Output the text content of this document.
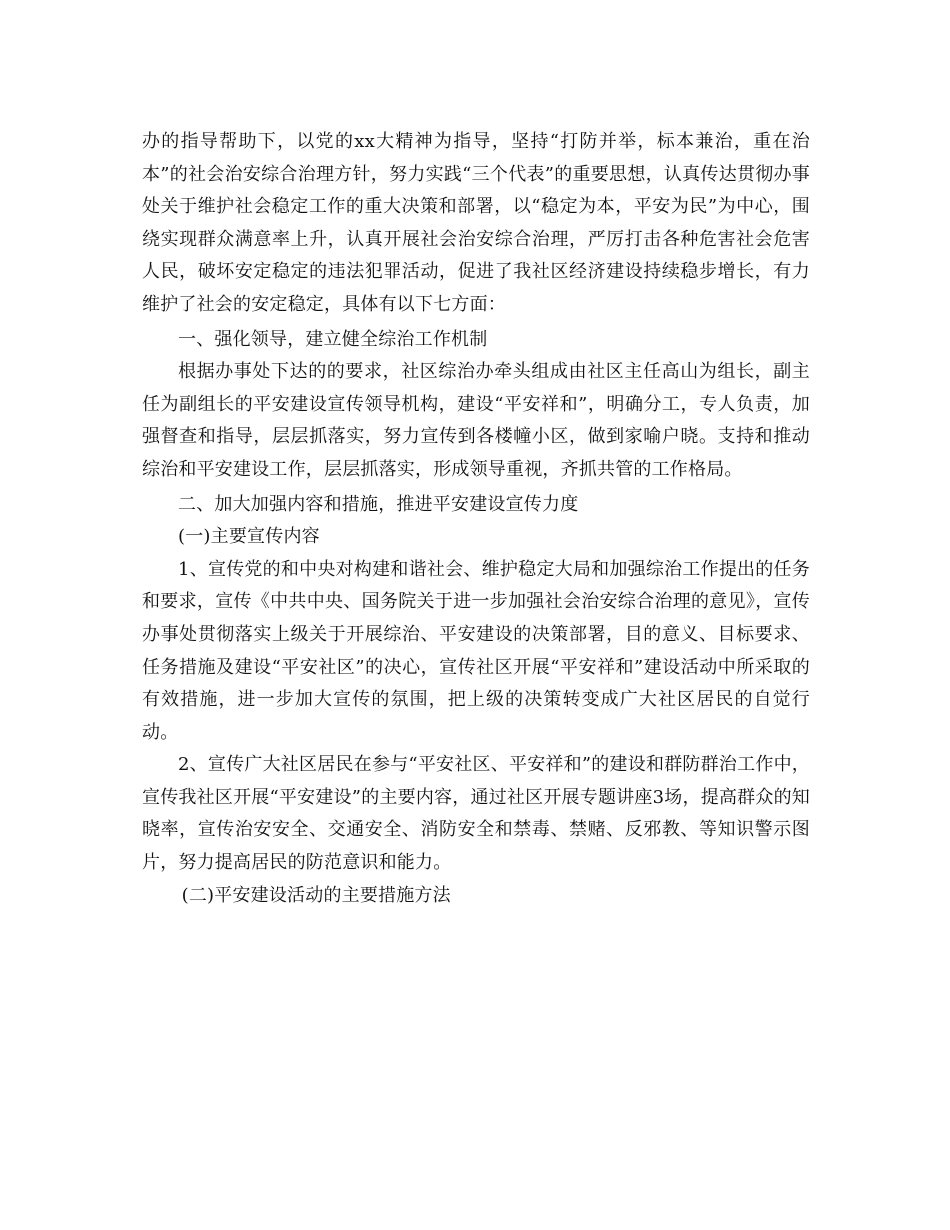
办的指导帮助下，以党的xx大精神为指导，坚持“打防并举，标本兼治，重在治本”的社会治安综合治理方针，努力实践“三个代表”的重要思想，认真传达贯彻办事处关于维护社会稳定工作的重大决策和部署，以“稳定为本，平安为民”为中心，围绕实现群众满意率上升，认真开展社会治安综合治理，严厉打击各种危害社会危害人民，破坏安定稳定的违法犯罪活动，促进了我社区经济建设持续稳步增长，有力维护了社会的安定稳定，具体有以下七方面：

一、强化领导，建立健全综治工作机制

根据办事处下达的的要求，社区综治办牵头组成由社区主任高山为组长，副主任为副组长的平安建设宣传领导机构，建设“平安祥和”，明确分工，专人负责，加强督查和指导，层层抓落实，努力宣传到各楼幢小区，做到家喻户晓。支持和推动综治和平安建设工作，层层抓落实，形成领导重视，齐抓共管的工作格局。

二、加大加强内容和措施，推进平安建设宣传力度

(一)主要宣传内容

1、宣传党的和中央对构建和谐社会、维护稳定大局和加强综治工作提出的任务和要求，宣传《中共中央、国务院关于进一步加强社会治安综合治理的意见》，宣传办事处贯彻落实上级关于开展综治、平安建设的决策部署，目的意义、目标要求、任务措施及建设“平安社区”的决心，宣传社区开展“平安祥和”建设活动中所采取的有效措施，进一步加大宣传的氛围，把上级的决策转变成广大社区居民的自觉行动。

2、宣传广大社区居民在参与“平安社区、平安祥和”的建设和群防群治工作中，宣传我社区开展“平安建设”的主要内容，通过社区开展专题讲座3场，提高群众的知晓率，宣传治安安全、交通安全、消防安全和禁毒、禁赌、反邪教、等知识警示图片，努力提高居民的防范意识和能力。

(二)平安建设活动的主要措施方法
